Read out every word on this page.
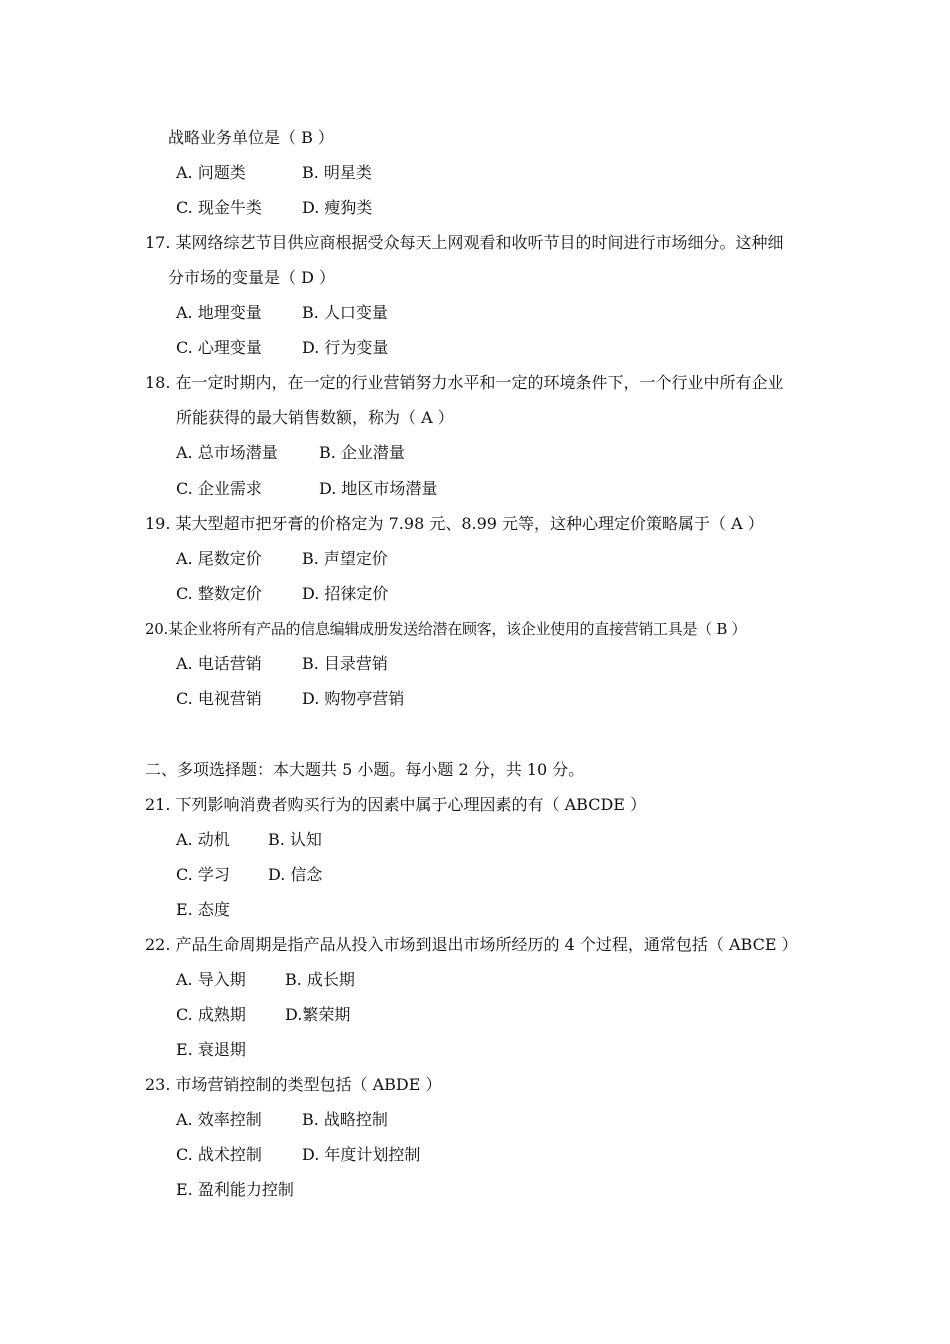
战略业务单位是（ B ）
A. 问题类	B. 明星类
C. 现金牛类	D. 瘦狗类
17. 某网络综艺节目供应商根据受众每天上网观看和收听节目的时间进行市场细分。这种细
分市场的变量是（ D ）
A. 地理变量	B. 人口变量
C. 心理变量	D. 行为变量
18. 在一定时期内，在一定的行业营销努力水平和一定的环境条件下，一个行业中所有企业
所能获得的最大销售数额，称为（ A ）
A. 总市场潜量	B. 企业潜量
C. 企业需求	D. 地区市场潜量
19. 某大型超市把牙膏的价格定为 7.98 元、8.99 元等，这种心理定价策略属于（ A ）
A. 尾数定价	B. 声望定价
C. 整数定价	D. 招徕定价
20.某企业将所有产品的信息编辑成册发送给潜在顾客，该企业使用的直接营销工具是（ B ）
A. 电话营销	B. 目录营销
C. 电视营销	D. 购物亭营销
二、多项选择题：本大题共 5 小题。每小题 2 分，共 10 分。
21. 下列影响消费者购买行为的因素中属于心理因素的有（ ABCDE ）
A. 动机 B. 认知
C. 学习 D. 信念
E. 态度
22. 产品生命周期是指产品从投入市场到退出市场所经历的 4 个过程，通常包括（ ABCE ）
A. 导入期 B. 成长期
C. 成熟期 D.繁荣期
E. 衰退期
23. 市场营销控制的类型包括（ ABDE ）
A. 效率控制	B. 战略控制
C. 战术控制	D. 年度计划控制
E. 盈利能力控制
